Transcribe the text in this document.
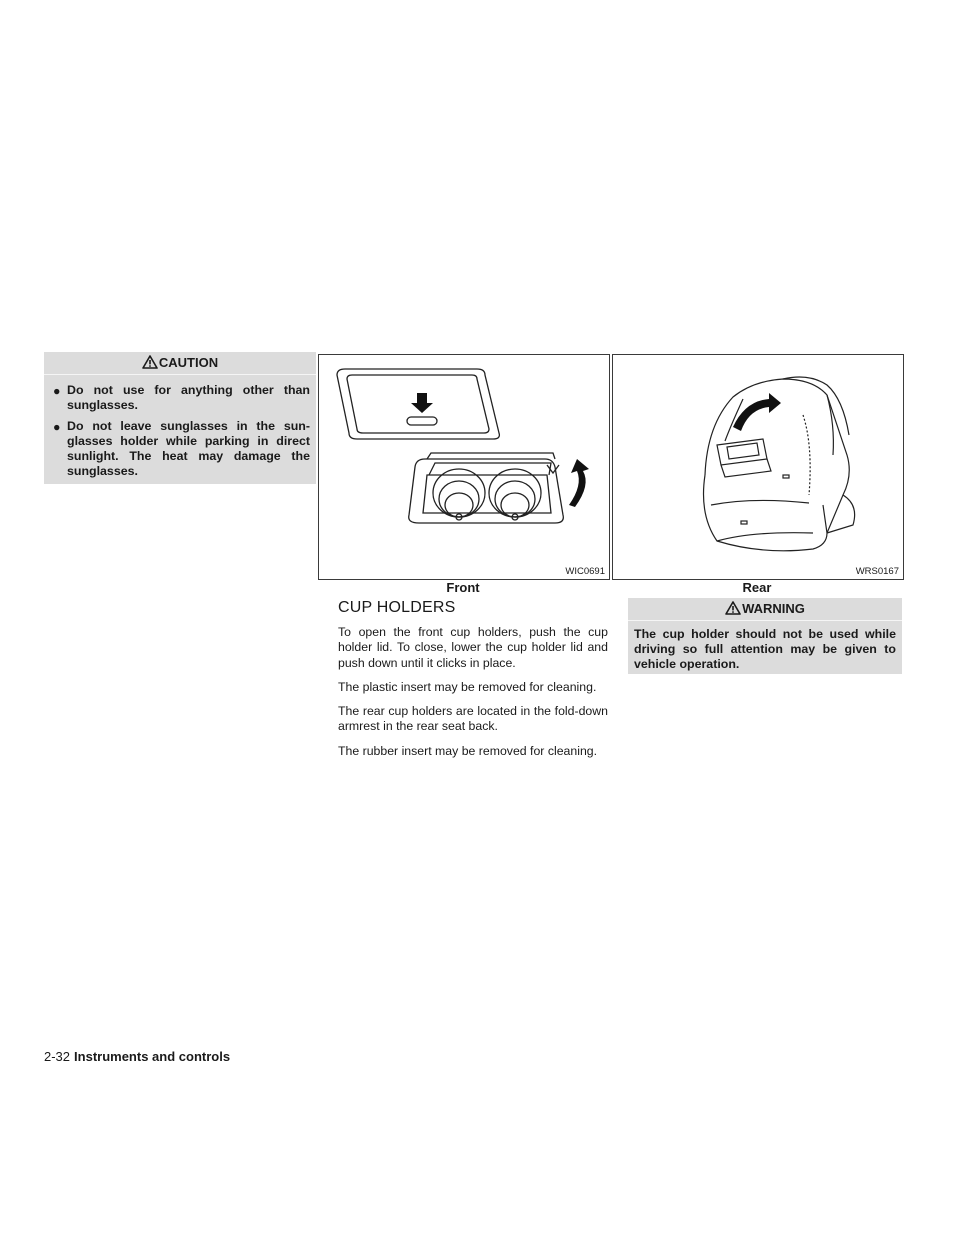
CAUTION
● Do not use for anything other than sunglasses.
● Do not leave sunglasses in the sun-glasses holder while parking in direct sunlight. The heat may damage the sunglasses.
WIC0691
Front
WRS0167
Rear
CUP HOLDERS

To open the front cup holders, push the cup holder lid. To close, lower the cup holder lid and push down until it clicks in place.

The plastic insert may be removed for cleaning.

The rear cup holders are located in the fold-down armrest in the rear seat back.

The rubber insert may be removed for cleaning.

WARNING
The cup holder should not be used while driving so full attention may be given to vehicle operation.
2-32 Instruments and controls
